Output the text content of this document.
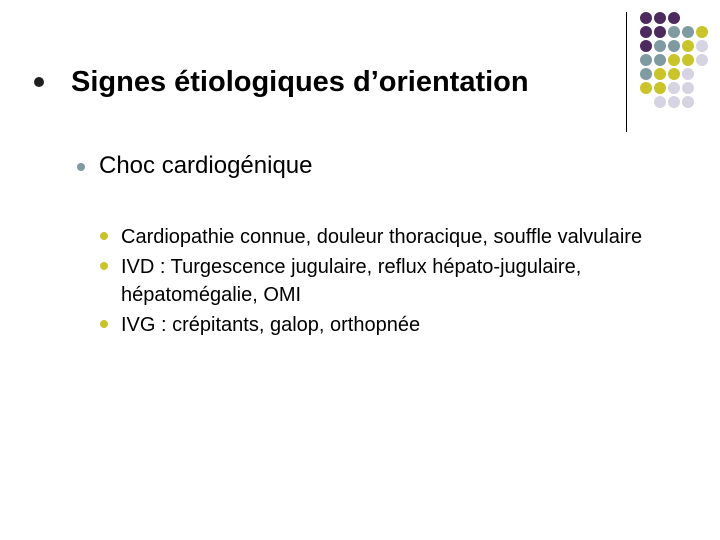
Signes étiologiques d’orientation
Choc cardiogénique
Cardiopathie connue, douleur thoracique, souffle valvulaire
IVD : Turgescence jugulaire, reflux hépato-jugulaire, hépatomégalie, OMI
IVG : crépitants, galop, orthopnée
